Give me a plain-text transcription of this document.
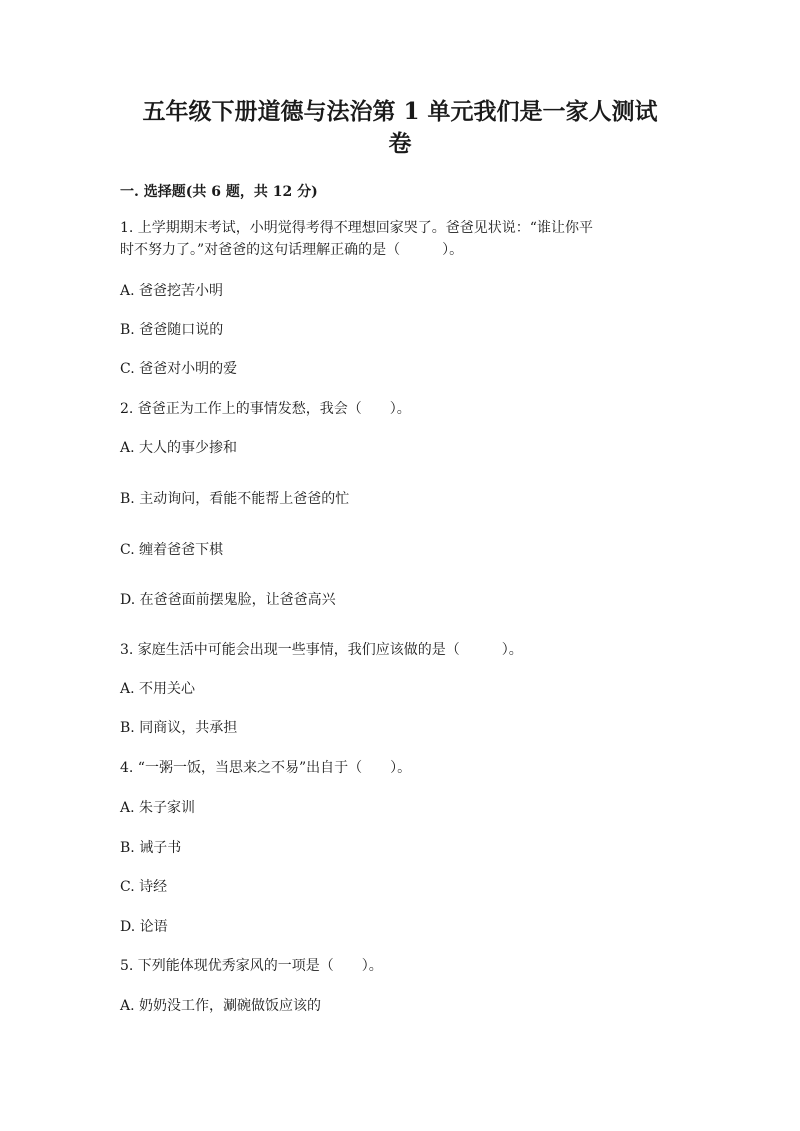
五年级下册道德与法治第 1 单元我们是一家人测试
卷
一. 选择题(共 6 题，共 12 分)
1. 上学期期末考试，小明觉得考得不理想回家哭了。爸爸见状说：“谁让你平
时不努力了。”对爸爸的这句话理解正确的是（　　　）。
A. 爸爸挖苦小明
B. 爸爸随口说的
C. 爸爸对小明的爱
2. 爸爸正为工作上的事情发愁，我会（　　）。
A. 大人的事少掺和
B. 主动询问，看能不能帮上爸爸的忙
C. 缠着爸爸下棋
D. 在爸爸面前摆鬼脸，让爸爸高兴
3. 家庭生活中可能会出现一些事情，我们应该做的是（　　　）。
A. 不用关心
B. 同商议，共承担
4. “一粥一饭，当思来之不易”出自于（　　）。
A. 朱子家训
B. 诫子书
C. 诗经
D. 论语
5. 下列能体现优秀家风的一项是（　　）。
A. 奶奶没工作，涮碗做饭应该的
